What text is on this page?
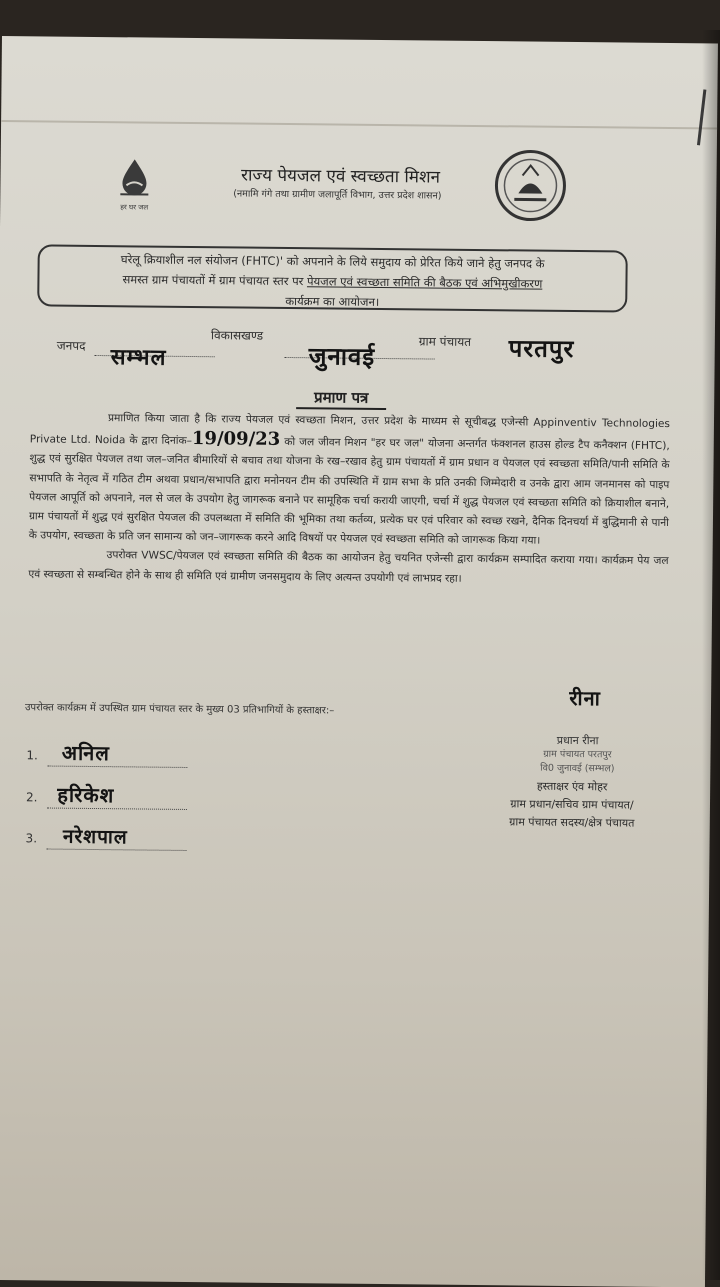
हर घर जल
राज्य पेयजल एवं स्वच्छता मिशन
(नमामि गंगे तथा ग्रामीण जलापूर्ति विभाग, उत्तर प्रदेश शासन)
घरेलू क्रियाशील नल संयोजन (FHTC)' को अपनाने के लिये समुदाय को प्रेरित किये जाने हेतु जनपद के
समस्त ग्राम पंचायतों में ग्राम पंचायत स्तर पर पेयजल एवं स्वच्छता समिति की बैठक एवं अभिमुखीकरण
कार्यक्रम का आयोजन।
जनपद सम्भल
विकासखण्ड
जुनावई	ग्राम पंचायत परतपुर
प्रमाण पत्र

प्रमाणित किया जाता है कि राज्य पेयजल एवं स्वच्छता मिशन, उत्तर प्रदेश के माध्यम से सूचीबद्ध एजेन्सी Appinventiv Technologies Private Ltd. Noida के द्वारा दिनांक–19/09/23 को जल जीवन मिशन "हर घर जल" योजना अन्तर्गत फंक्शनल हाउस होल्ड टैप कनैक्शन (FHTC), शुद्ध एवं सुरक्षित पेयजल तथा जल–जनित बीमारियों से बचाव तथा योजना के रख–रखाव हेतु ग्राम पंचायतों में ग्राम प्रधान व पेयजल एवं स्वच्छता समिति/पानी समिति के सभापति के नेतृत्व में गठित टीम अथवा प्रधान/सभापति द्वारा मनोनयन टीम की उपस्थिति में ग्राम सभा के प्रति उनकी जिम्मेदारी व उनके द्वारा आम जनमानस को पाइप पेयजल आपूर्ति को अपनाने, नल से जल के उपयोग हेतु जागरूक बनाने पर सामूहिक चर्चा करायी जाएगी, चर्चा में शुद्ध पेयजल एवं स्वच्छता समिति को क्रियाशील बनाने, ग्राम पंचायतों में शुद्ध एवं सुरक्षित पेयजल की उपलब्धता में समिति की भूमिका तथा कर्तव्य, प्रत्येक घर एवं परिवार को स्वच्छ रखने, दैनिक दिनचर्या में बुद्धिमानी से पानी के उपयोग, स्वच्छता के प्रति जन सामान्य को जन–जागरूक करने आदि विषयों पर पेयजल एवं स्वच्छता समिति को जागरूक किया गया।

उपरोक्त VWSC/पेयजल एवं स्वच्छता समिति की बैठक का आयोजन हेतु चयनित एजेन्सी द्वारा कार्यक्रम सम्पादित कराया गया। कार्यक्रम पेय जल एवं स्वच्छता से सम्बन्धित होने के साथ ही समिति एवं ग्रामीण जनसमुदाय के लिए अत्यन्त उपयोगी एवं लाभप्रद रहा।

रीना
प्रधान रीना
ग्राम पंचायत परतपुर
वि0 जुनावई (सम्भल)
हस्ताक्षर एंव मोहर
ग्राम प्रधान/सचिव ग्राम पंचायत/
ग्राम पंचायत सदस्य/क्षेत्र पंचायत
उपरोक्त कार्यक्रम में उपस्थित ग्राम पंचायत स्तर के मुख्य 03 प्रतिभागियों के हस्ताक्षर:–
1. अनिल
2. हरिकेश
3. नरेशपाल
